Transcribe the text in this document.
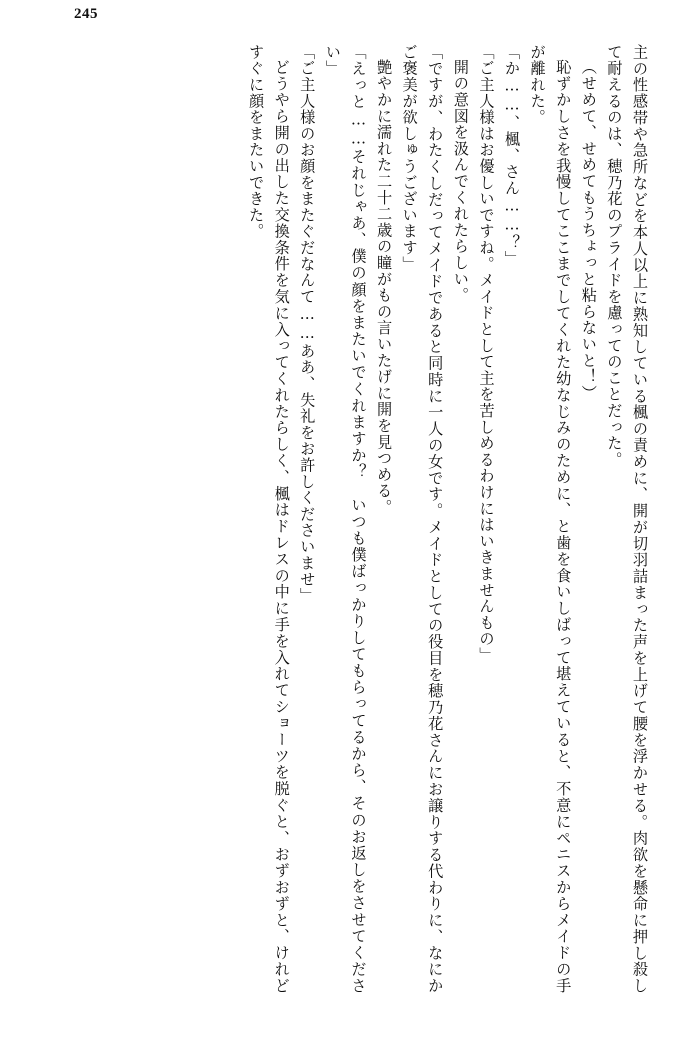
245

主の性感帯や急所などを本人以上に熟知している楓の責めに、開が切羽詰まった声を上げて腰を浮かせる。肉欲を懸命に押し殺して耐えるのは、穂乃花のプライドを慮ってのことだった。

（せめて、せめてもうちょっと粘らないと！）

恥ずかしさを我慢してここまでしてくれた幼なじみのために、と歯を食いしばって堪えていると、不意にペニスからメイドの手が離れた。

「か……、楓、さん……？」

「ご主人様はお優しいですね。メイドとして主を苦しめるわけにはいきませんもの」

開の意図を汲んでくれたらしい。

「ですが、わたくしだってメイドであると同時に一人の女です。メイドとしての役目を穂乃花さんにお譲りする代わりに、なにかご褒美が欲しゅうございます」

艶やかに濡れた二十二歳の瞳がもの言いたげに開を見つめる。

「えっと……それじゃあ、僕の顔をまたいでくれますか？　いつも僕ばっかりしてもらってるから、そのお返しをさせてください」

「ご主人様のお顔をまたぐだなんて……ああ、失礼をお許しくださいませ」

どうやら開の出した交換条件を気に入ってくれたらしく、楓はドレスの中に手を入れてショーツを脱ぐと、おずおずと、けれどすぐに顔をまたいできた。
